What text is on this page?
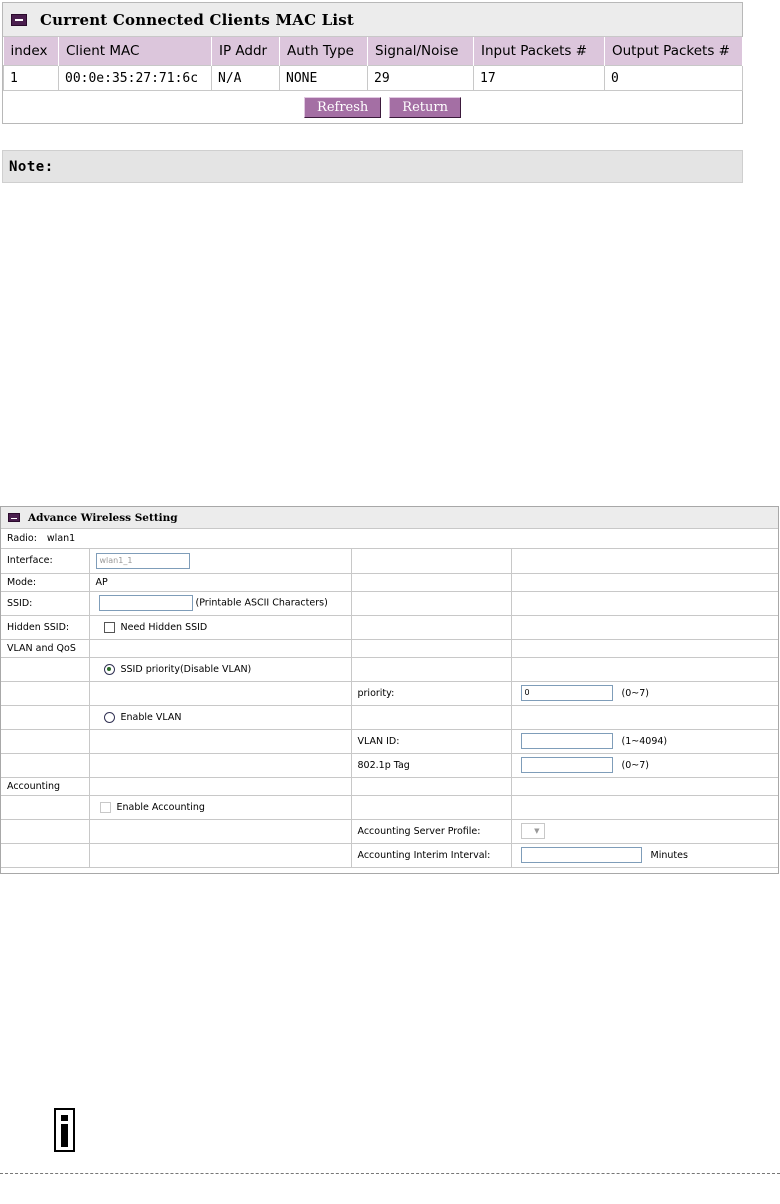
Current Connected Clients MAC List
index	Client MAC	IP Addr	Auth Type	Signal/Noise	Input Packets #	Output Packets #
1	00:0e:35:27:71:6c	N/A	NONE	29	17	0
Refresh	Return
Note:
Advance Wireless Setting
Radio: wlan1
Interface:	wlan1_1		
Mode:	AP		
SSID:	(Printable ASCII Characters)		
Hidden SSID:	Need Hidden SSID		
VLAN and QoS			
	SSID priority(Disable VLAN)		
		priority:	0 (0~7)
	Enable VLAN		
		VLAN ID:	(1~4094)
		802.1p Tag	(0~7)
Accounting			
	Enable Accounting		
		Accounting Server Profile:	▼
		Accounting Interim Interval:	Minutes
